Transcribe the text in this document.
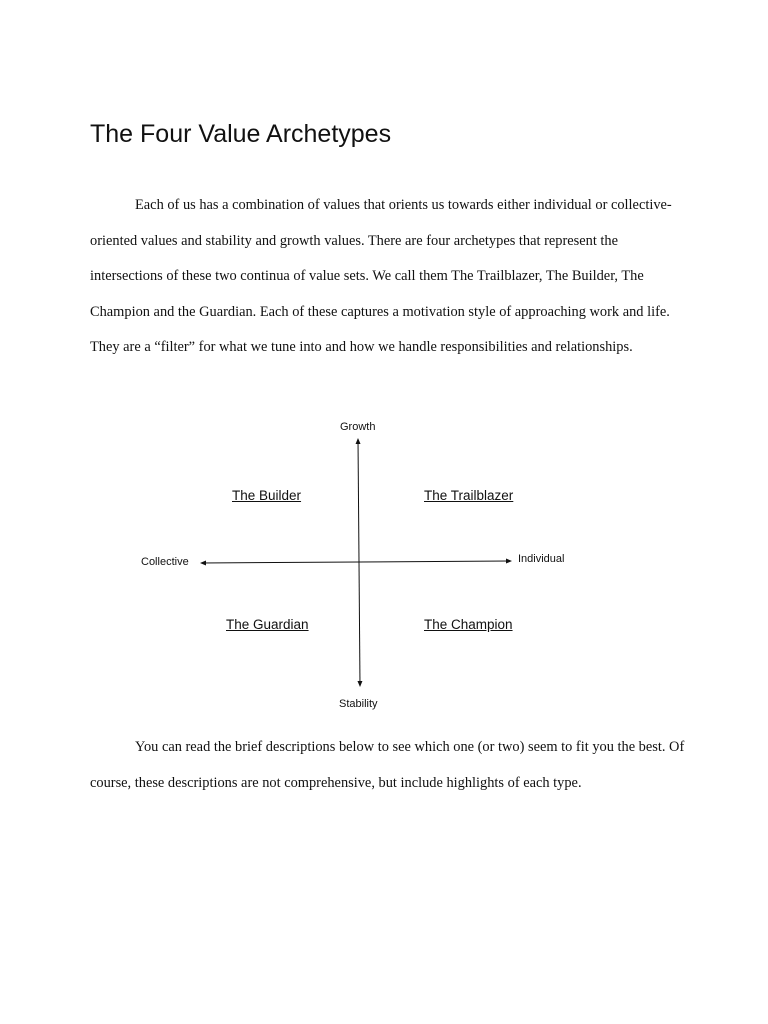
The Four Value Archetypes

Each of us has a combination of values that orients us towards either individual or collective-oriented values and stability and growth values. There are four archetypes that represent the intersections of these two continua of value sets. We call them The Trailblazer, The Builder, The Champion and the Guardian. Each of these captures a motivation style of approaching work and life. They are a “filter” for what we tune into and how we handle responsibilities and relationships.

Growth
Stability
Collective	Individual
The Builder	The Trailblazer
The Guardian	The Champion

You can read the brief descriptions below to see which one (or two) seem to fit you the best. Of course, these descriptions are not comprehensive, but include highlights of each type.
